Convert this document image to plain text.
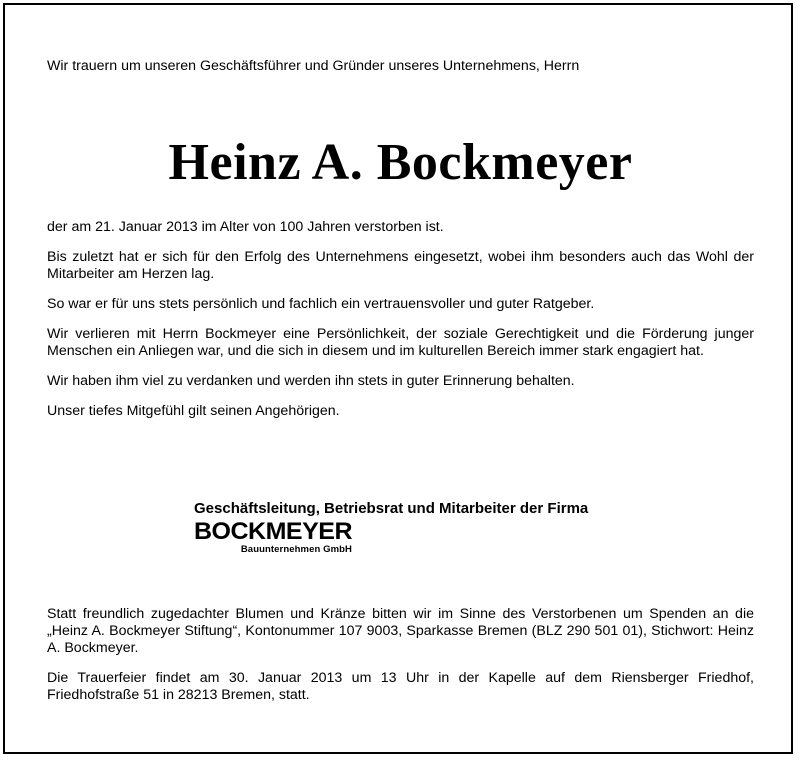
Wir trauern um unseren Geschäftsführer und Gründer unseres Unternehmens, Herrn

Heinz A. Bockmeyer

der am 21. Januar 2013 im Alter von 100 Jahren verstorben ist.

Bis zuletzt hat er sich für den Erfolg des Unternehmens eingesetzt, wobei ihm besonders auch das Wohl der Mitarbeiter am Herzen lag.

So war er für uns stets persönlich und fachlich ein vertrauensvoller und guter Ratgeber.

Wir verlieren mit Herrn Bockmeyer eine Persönlichkeit, der soziale Gerechtigkeit und die Förderung junger Menschen ein Anliegen war, und die sich in diesem und im kulturellen Bereich immer stark engagiert hat.

Wir haben ihm viel zu verdanken und werden ihn stets in guter Erinnerung behalten.

Unser tiefes Mitgefühl gilt seinen Angehörigen.

Geschäftsleitung, Betriebsrat und Mitarbeiter der Firma

BOCKMEYER
Bauunternehmen GmbH

Statt freundlich zugedachter Blumen und Kränze bitten wir im Sinne des Verstorbenen um Spenden an die „Heinz A. Bockmeyer Stiftung“, Kontonummer 107 9003, Sparkasse Bremen (BLZ 290 501 01), Stichwort: Heinz A. Bockmeyer.

Die Trauerfeier findet am 30. Januar 2013 um 13 Uhr in der Kapelle auf dem Riensberger Friedhof, Friedhofstraße 51 in 28213 Bremen, statt.
